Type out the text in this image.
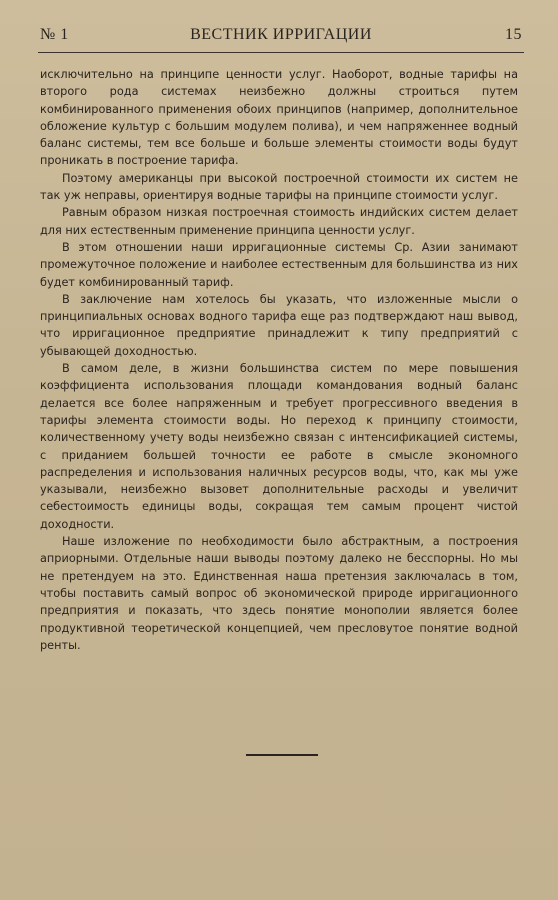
№ 1	ВЕСТНИК ИРРИГАЦИИ	15

исключительно на принципе ценности услуг. Наоборот, водные тарифы на второго рода системах неизбежно должны строиться путем комбинированного применения обоих принципов (например, дополнительное обложение культур с большим модулем полива), и чем напряженнее водный баланс системы, тем все больше и больше элементы стоимости воды будут проникать в построение тарифа.

Поэтому американцы при высокой построечной стоимости их систем не так уж неправы, ориентируя водные тарифы на принципе стоимости услуг.

Равным образом низкая построечная стоимость индийских систем делает для них естественным применение принципа ценности услуг.

В этом отношении наши ирригационные системы Ср. Азии занимают промежуточное положение и наиболее естественным для большинства из них будет комбинированный тариф.

В заключение нам хотелось бы указать, что изложенные мысли о принципиальных основах водного тарифа еще раз подтверждают наш вывод, что ирригационное предприятие принадлежит к типу предприятий с убывающей доходностью.

В самом деле, в жизни большинства систем по мере повышения коэффициента использования площади командования водный баланс делается все более напряженным и требует прогрессивного введения в тарифы элемента стоимости воды. Но переход к принципу стоимости, количественному учету воды неизбежно связан с интенсификацией системы, с приданием большей точности ее работе в смысле экономного распределения и использования наличных ресурсов воды, что, как мы уже указывали, неизбежно вызовет дополнительные расходы и увеличит себестоимость единицы воды, сокращая тем самым процент чистой доходности.

Наше изложение по необходимости было абстрактным, а построения априорными. Отдельные наши выводы поэтому далеко не бесспорны. Но мы не претендуем на это. Единственная наша претензия заключалась в том, чтобы поставить самый вопрос об экономической природе ирригационного предприятия и показать, что здесь понятие монополии является более продуктивной теоретической концепцией, чем пресловутое понятие водной ренты.
